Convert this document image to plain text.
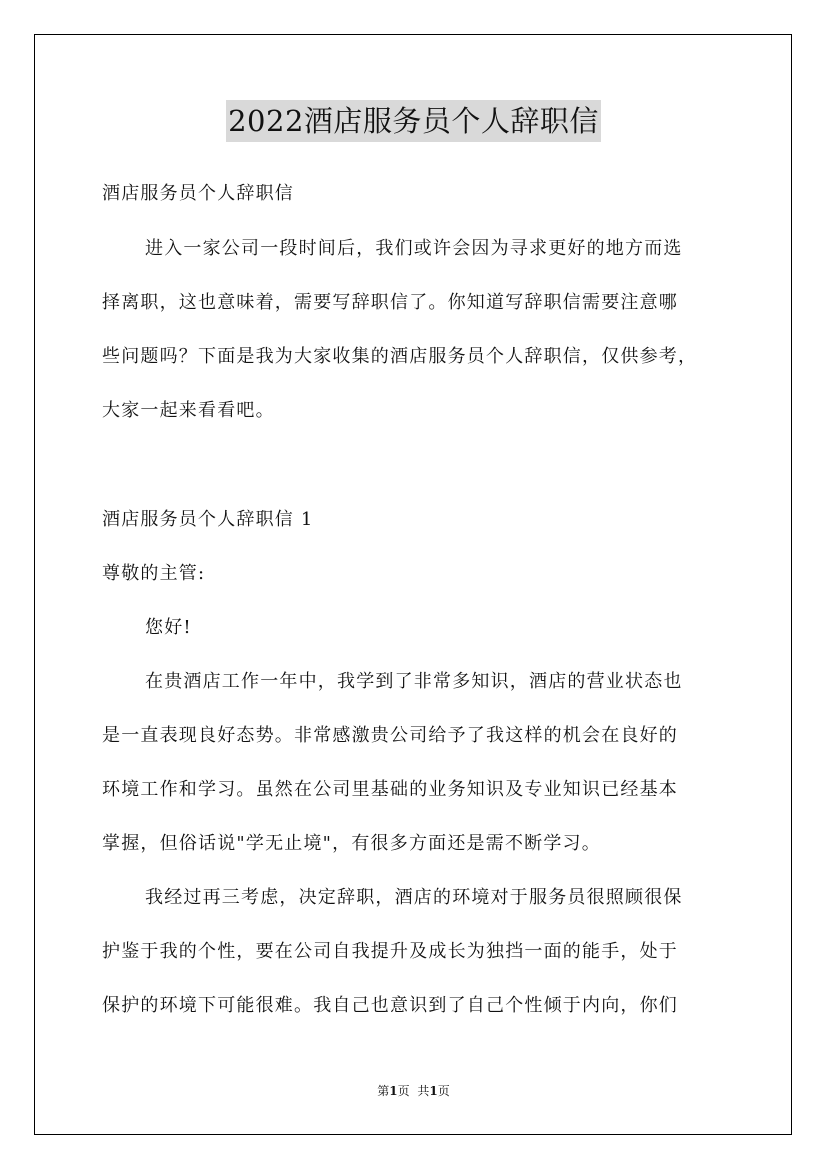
2022酒店服务员个人辞职信
酒店服务员个人辞职信
进入一家公司一段时间后，我们或许会因为寻求更好的地方而选
择离职，这也意味着，需要写辞职信了。你知道写辞职信需要注意哪
些问题吗？下面是我为大家收集的酒店服务员个人辞职信，仅供参考，
大家一起来看看吧。
酒店服务员个人辞职信 1
尊敬的主管:
您好!
在贵酒店工作一年中，我学到了非常多知识，酒店的营业状态也
是一直表现良好态势。非常感激贵公司给予了我这样的机会在良好的
环境工作和学习。虽然在公司里基础的业务知识及专业知识已经基本
掌握，但俗话说"学无止境"，有很多方面还是需不断学习。
我经过再三考虑，决定辞职，酒店的环境对于服务员很照顾很保
护鉴于我的个性，要在公司自我提升及成长为独挡一面的能手，处于
保护的环境下可能很难。我自己也意识到了自己个性倾于内向，你们
第1页 共1页
